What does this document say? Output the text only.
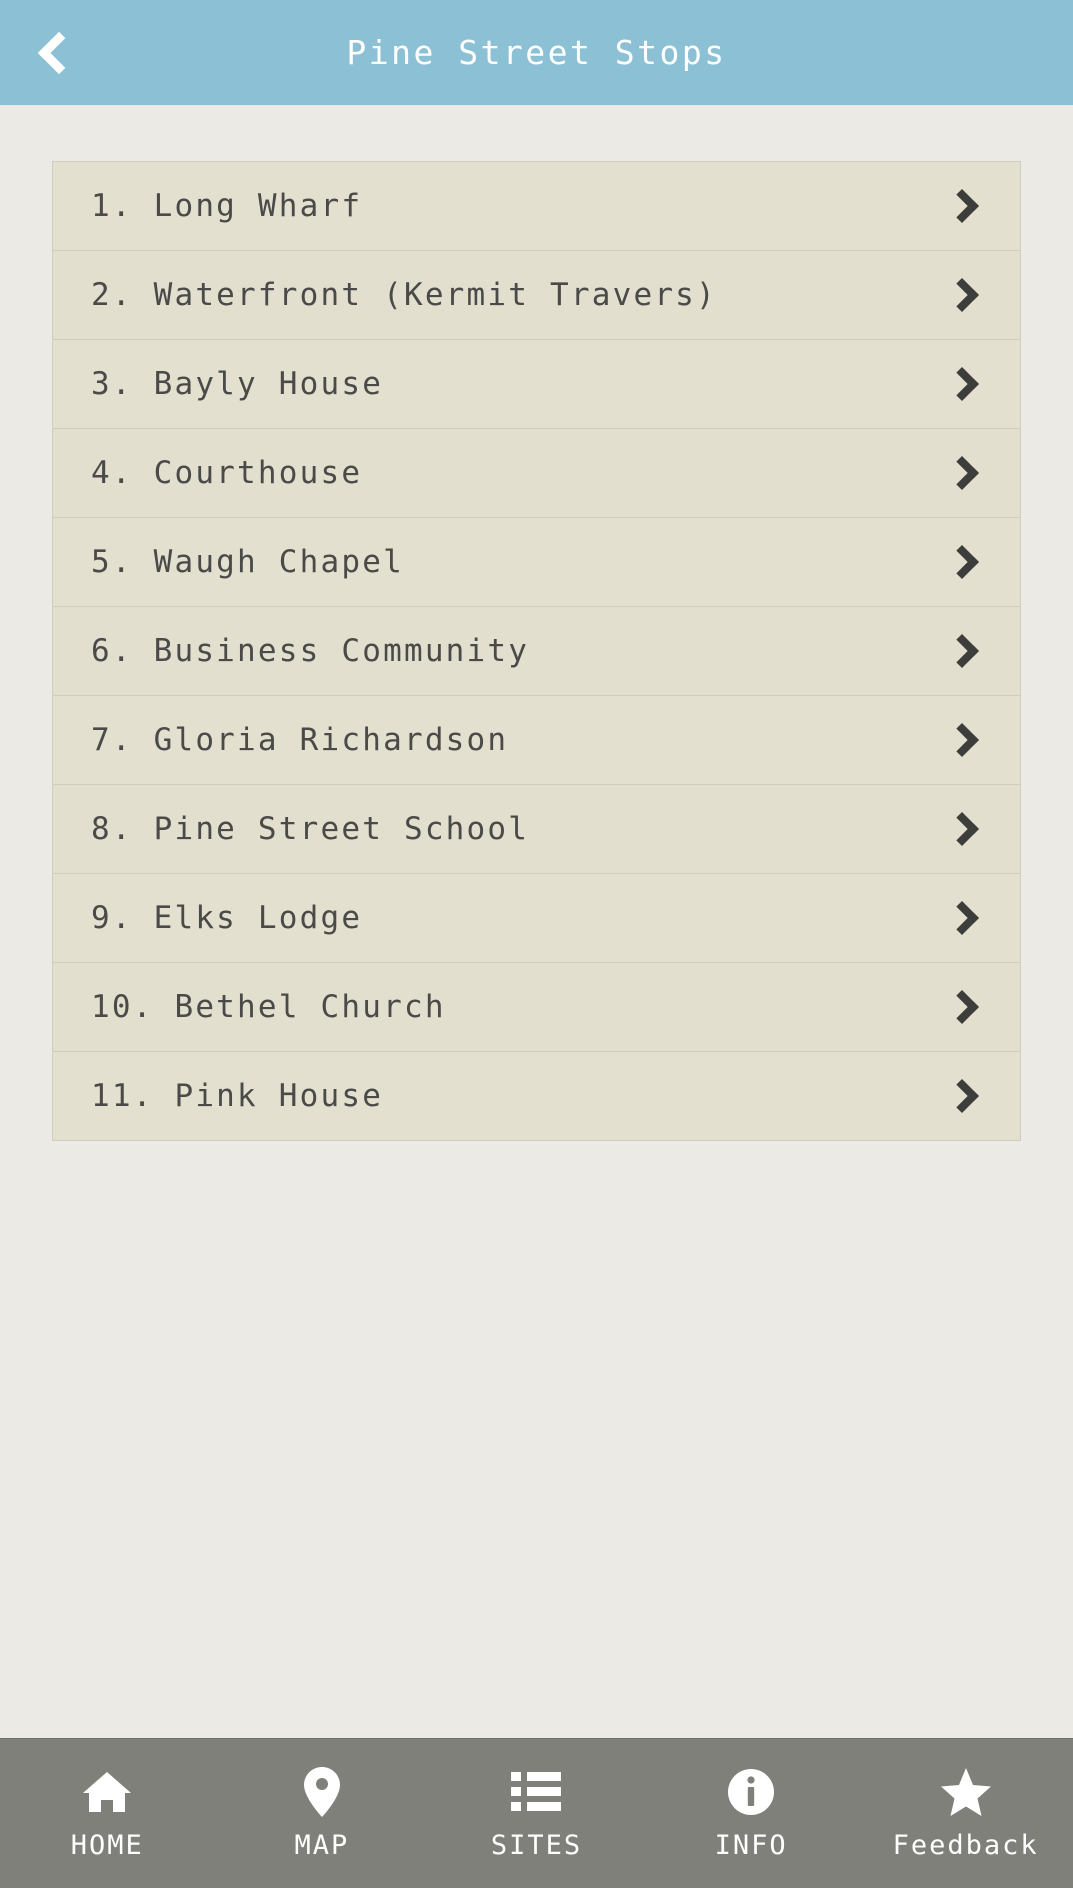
Pine Street Stops
1. Long Wharf
2. Waterfront (Kermit Travers)
3. Bayly House
4. Courthouse
5. Waugh Chapel
6. Business Community
7. Gloria Richardson
8. Pine Street School
9. Elks Lodge
10. Bethel Church
11. Pink House
HOME	MAP	SITES	INFO	Feedback
